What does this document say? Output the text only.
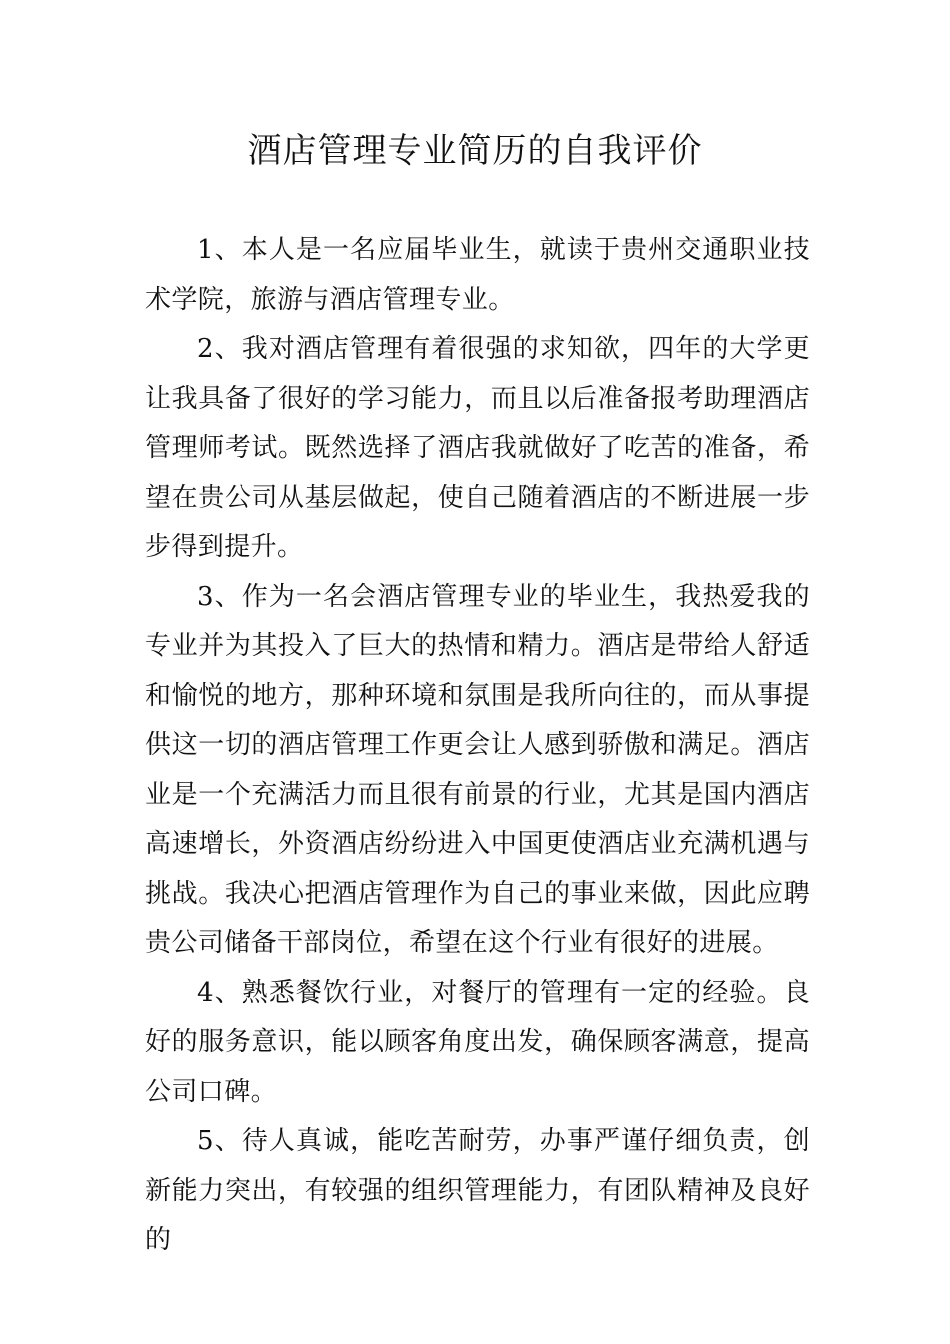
酒店管理专业简历的自我评价

1、本人是一名应届毕业生，就读于贵州交通职业技术学院，旅游与酒店管理专业。

2、我对酒店管理有着很强的求知欲，四年的大学更让我具备了很好的学习能力，而且以后准备报考助理酒店管理师考试。既然选择了酒店我就做好了吃苦的准备，希望在贵公司从基层做起，使自己随着酒店的不断进展一步步得到提升。

3、作为一名会酒店管理专业的毕业生，我热爱我的专业并为其投入了巨大的热情和精力。酒店是带给人舒适和愉悦的地方，那种环境和氛围是我所向往的，而从事提供这一切的酒店管理工作更会让人感到骄傲和满足。酒店业是一个充满活力而且很有前景的行业，尤其是国内酒店高速增长，外资酒店纷纷进入中国更使酒店业充满机遇与挑战。我决心把酒店管理作为自己的事业来做，因此应聘贵公司储备干部岗位，希望在这个行业有很好的进展。

4、熟悉餐饮行业，对餐厅的管理有一定的经验。良好的服务意识，能以顾客角度出发，确保顾客满意，提高公司口碑。

5、待人真诚，能吃苦耐劳，办事严谨仔细负责，创新能力突出，有较强的组织管理能力，有团队精神及良好的
